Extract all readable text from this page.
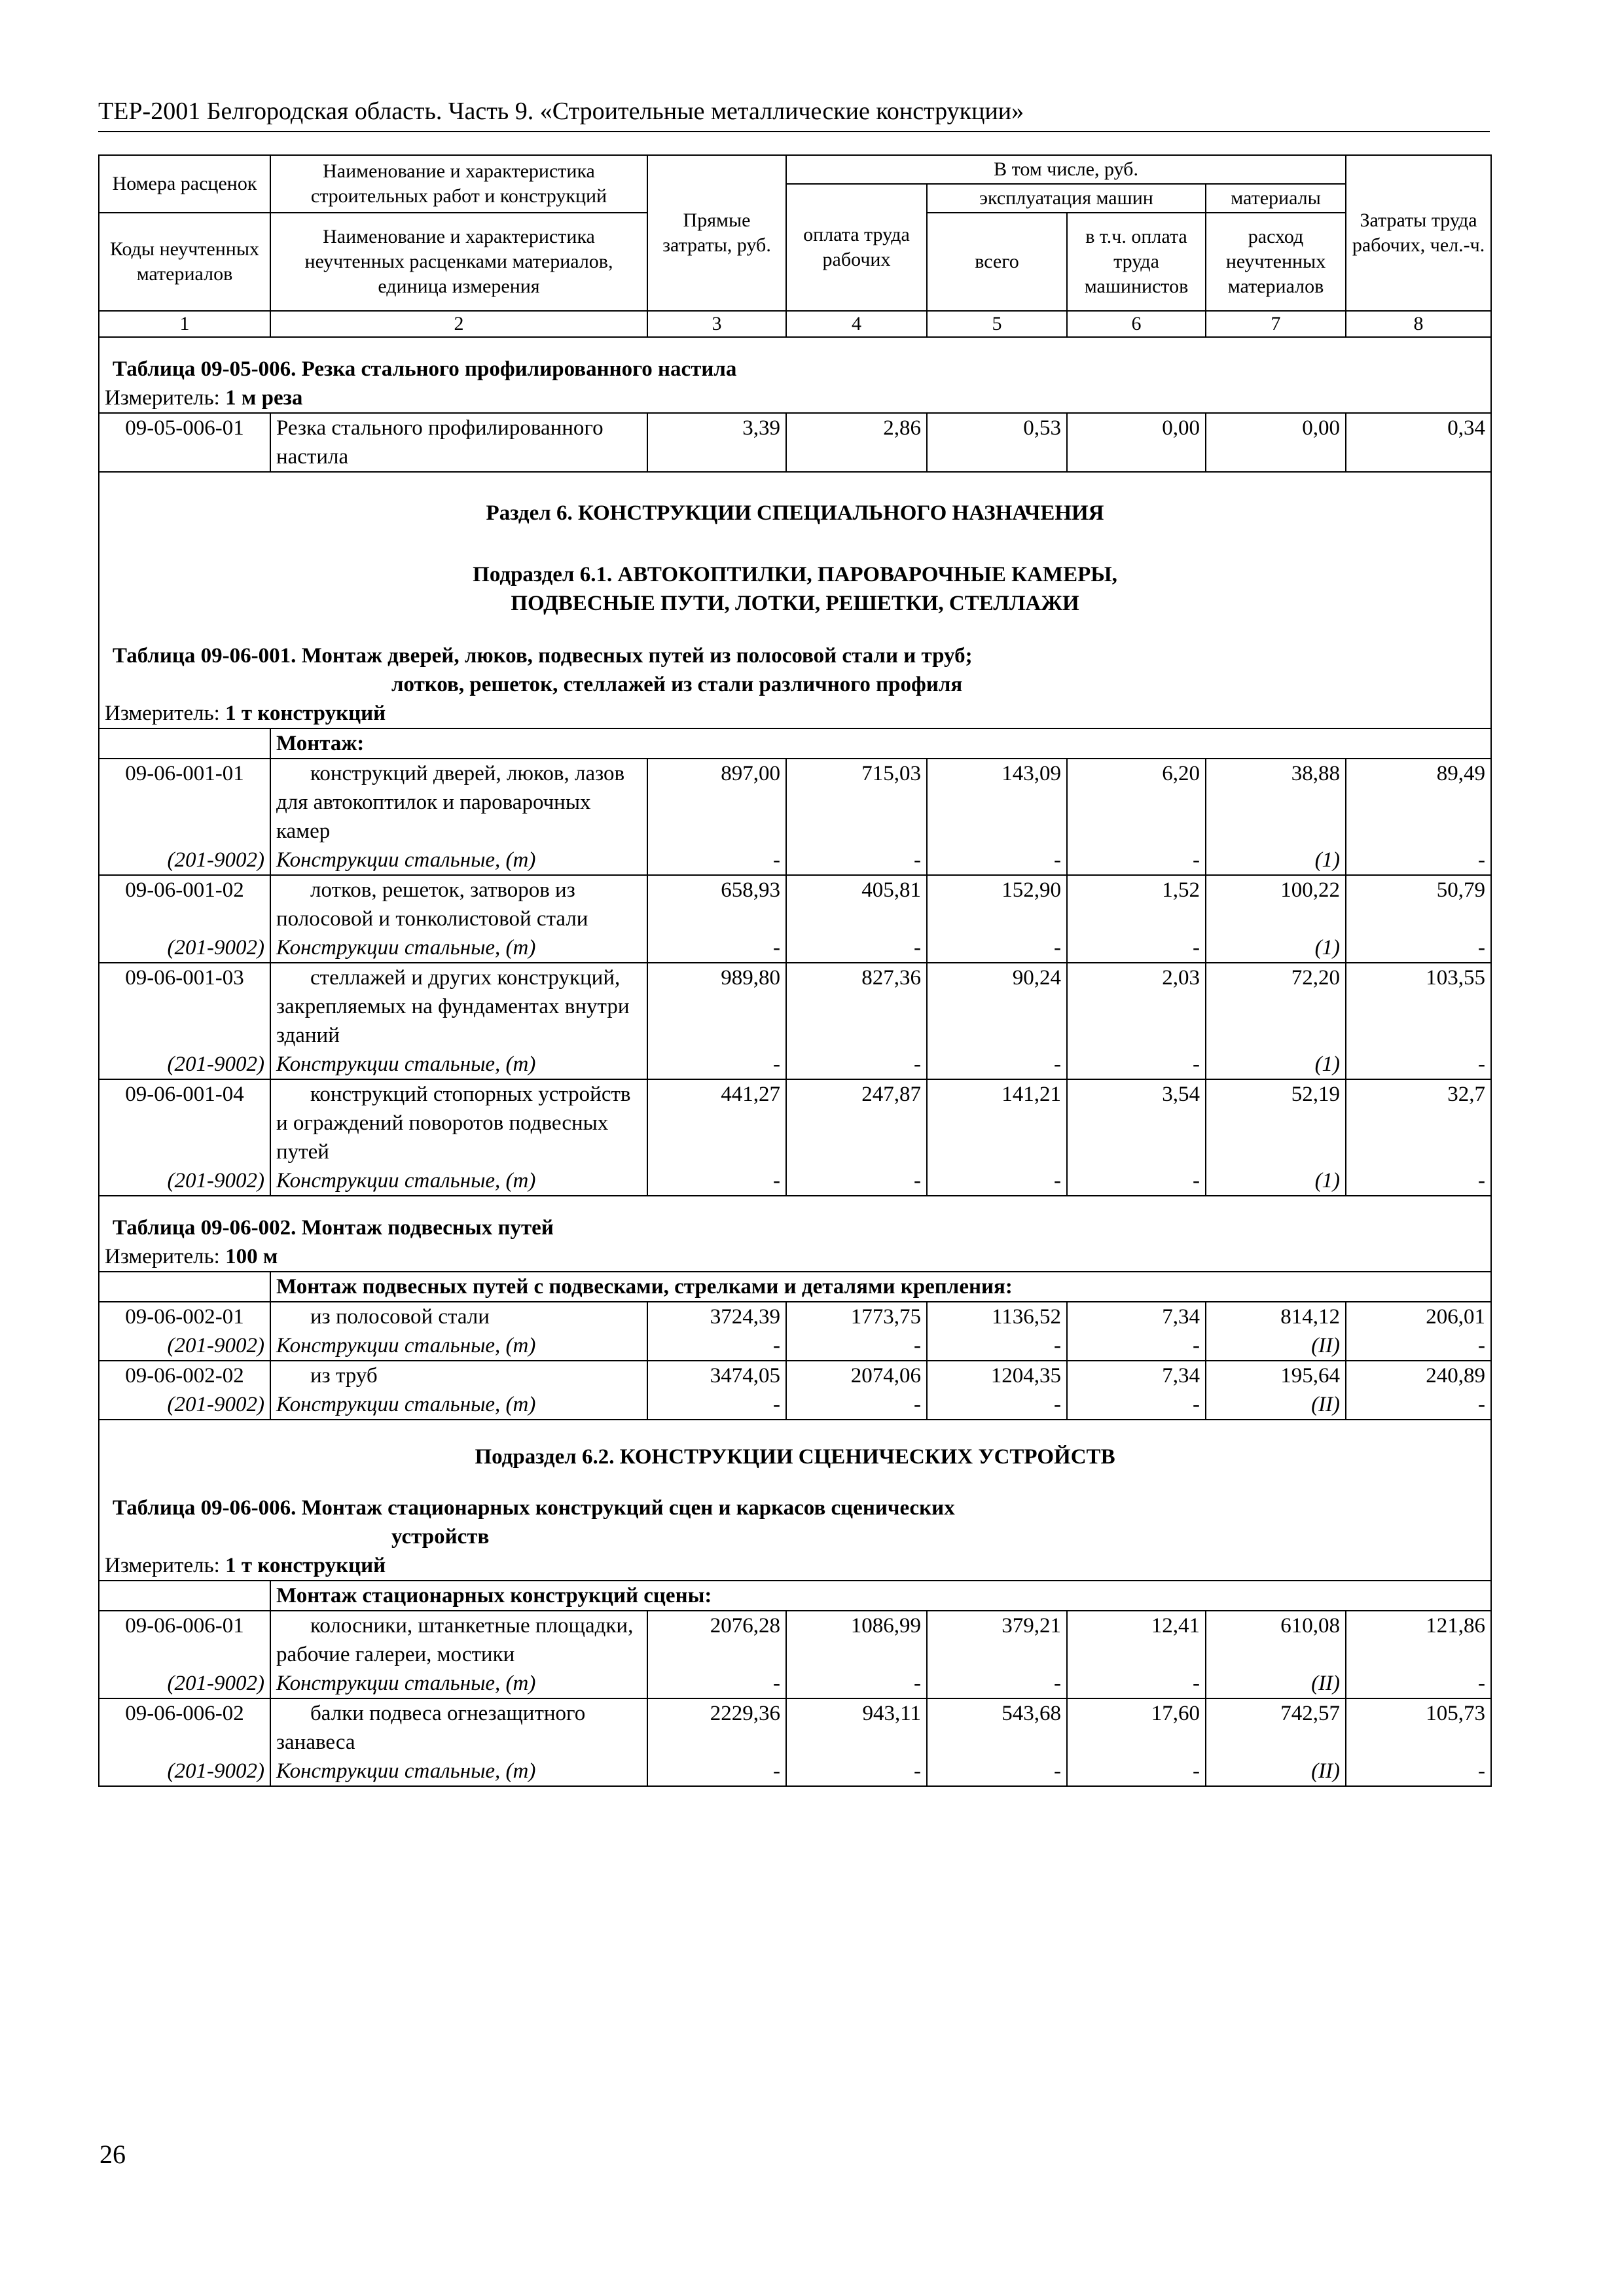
ТЕР-2001 Белгородская область. Часть 9. «Строительные металлические конструкции»
Номера расценок	Наименование и характеристика строительных работ и конструкций	Прямые затраты, руб.	В том числе, руб.				Затраты труда рабочих, чел.-ч.
			оплата труда рабочих	эксплуатация машин		материалы	
Коды неучтенных материалов	Наименование и характеристика неучтенных расценками материалов, единица измерения			всего	в т.ч. оплата труда машинистов	расход неучтенных материалов	
1	2	3	4	5	6	7	8

Таблица 09-05-006. Резка стального профилированного настила							
Измеритель: 1 м реза							
09-05-006-01	Резка стального профилированного настила	3,39	2,86	0,53	0,00	0,00	0,34

Раздел 6. КОНСТРУКЦИИ СПЕЦИАЛЬНОГО НАЗНАЧЕНИЯ							

Подраздел 6.1. АВТОКОПТИЛКИ, ПАРОВАРОЧНЫЕ КАМЕРЫ,							
ПОДВЕСНЫЕ ПУТИ, ЛОТКИ, РЕШЕТКИ, СТЕЛЛАЖИ							

Таблица 09-06-001. Монтаж дверей, люков, подвесных путей из полосовой стали и труб;							
лотков, решеток, стеллажей из стали различного профиля							
Измеритель: 1 т конструкций							
	Монтаж:						
09-06-001-01	конструкций дверей, люков, лазов для автокоптилок и пароварочных камер	897,00	715,03	143,09	6,20	38,88	89,49
(201-9002)	Конструкции стальные, (т)	-	-	-	-	(1)	-
09-06-001-02	лотков, решеток, затворов из полосовой и тонколистовой стали	658,93	405,81	152,90	1,52	100,22	50,79
(201-9002)	Конструкции стальные, (т)	-	-	-	-	(1)	-
09-06-001-03	стеллажей и других конструкций, закрепляемых на фундаментах внутри зданий	989,80	827,36	90,24	2,03	72,20	103,55
(201-9002)	Конструкции стальные, (т)	-	-	-	-	(1)	-
09-06-001-04	конструкций стопорных устройств и ограждений поворотов подвесных путей	441,27	247,87	141,21	3,54	52,19	32,7
(201-9002)	Конструкции стальные, (т)	-	-	-	-	(1)	-

Таблица 09-06-002. Монтаж подвесных путей							
Измеритель: 100 м							
	Монтаж подвесных путей с подвесками, стрелками и деталями крепления:						
09-06-002-01	из полосовой стали	3724,39	1773,75	1136,52	7,34	814,12	206,01
(201-9002)	Конструкции стальные, (т)	-	-	-	-	(II)	-
09-06-002-02	из труб	3474,05	2074,06	1204,35	7,34	195,64	240,89
(201-9002)	Конструкции стальные, (т)	-	-	-	-	(II)	-

Подраздел 6.2. КОНСТРУКЦИИ СЦЕНИЧЕСКИХ УСТРОЙСТВ							

Таблица 09-06-006. Монтаж стационарных конструкций сцен и каркасов сценических							
устройств							
Измеритель: 1 т конструкций							
	Монтаж стационарных конструкций сцены:						
09-06-006-01	колосники, штанкетные площадки, рабочие галереи, мостики	2076,28	1086,99	379,21	12,41	610,08	121,86
(201-9002)	Конструкции стальные, (т)	-	-	-	-	(II)	-
09-06-006-02	балки подвеса огнезащитного занавеса	2229,36	943,11	543,68	17,60	742,57	105,73
(201-9002)	Конструкции стальные, (т)	-	-	-	-	(II)	-
26
